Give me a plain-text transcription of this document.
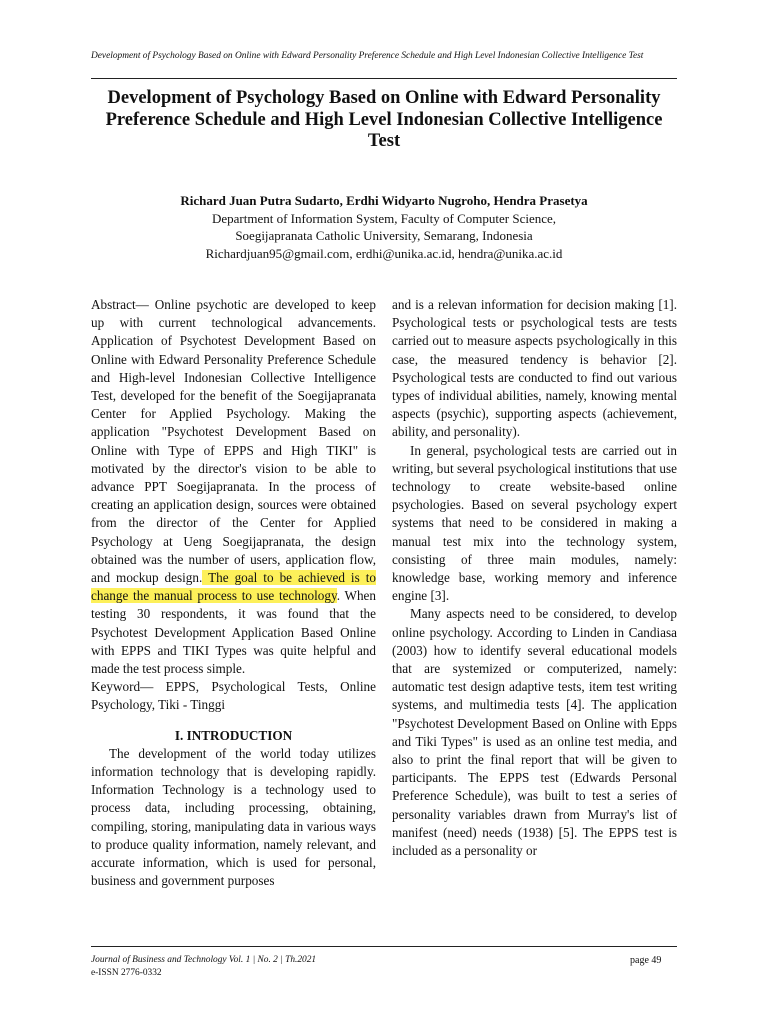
Development of Psychology Based on Online with Edward Personality Preference Schedule and High Level Indonesian Collective Intelligence Test
Development of Psychology Based on Online with Edward Personality Preference Schedule and High Level Indonesian Collective Intelligence Test
Richard Juan Putra Sudarto, Erdhi Widyarto Nugroho, Hendra Prasetya
Department of Information System, Faculty of Computer Science,
Soegijapranata Catholic University, Semarang, Indonesia
Richardjuan95@gmail.com, erdhi@unika.ac.id, hendra@unika.ac.id

Abstract— Online psychotic are developed to keep up with current technological advancements. Application of Psychotest Development Based on Online with Edward Personality Preference Schedule and High-level Indonesian Collective Intelligence Test, developed for the benefit of the Soegijapranata Center for Applied Psychology. Making the application "Psychotest Development Based on Online with Type of EPPS and High TIKI" is motivated by the director's vision to be able to advance PPT Soegijapranata. In the process of creating an application design, sources were obtained from the director of the Center for Applied Psychology at Ueng Soegijapranata, the design obtained was the number of users, application flow, and mockup design. The goal to be achieved is to change the manual process to use technology. When testing 30 respondents, it was found that the Psychotest Development Application Based Online with EPPS and TIKI Types was quite helpful and made the test process simple.

Keyword— EPPS, Psychological Tests, Online Psychology, Tiki - Tinggi

I. INTRODUCTION

The development of the world today utilizes information technology that is developing rapidly. Information Technology is a technology used to process data, including processing, obtaining, compiling, storing, manipulating data in various ways to produce quality information, namely relevant, and accurate information, which is used for personal, business and government purposes

and is a relevan information for decision making [1]. Psychological tests or psychological tests are tests carried out to measure aspects psychologically in this case, the measured tendency is behavior [2]. Psychological tests are conducted to find out various types of individual abilities, namely, knowing mental aspects (psychic), supporting aspects (achievement, ability, and personality).

In general, psychological tests are carried out in writing, but several psychological institutions that use technology to create website-based online psychologies. Based on several psychology expert systems that need to be considered in making a manual test mix into the technology system, consisting of three main modules, namely: knowledge base, working memory and inference engine [3].

Many aspects need to be considered, to develop online psychology. According to Linden in Candiasa (2003) how to identify several educational models that are systemized or computerized, namely: automatic test design adaptive tests, item test writing systems, and multimedia tests [4]. The application "Psychotest Development Based on Online with Epps and Tiki Types" is used as an online test media, and also to print the final report that will be given to participants. The EPPS test (Edwards Personal Preference Schedule), was built to test a series of personality variables drawn from Murray's list of manifest (need) needs (1938) [5]. The EPPS test is included as a personality or

Journal of Business and Technology Vol. 1 | No. 2 | Th.2021
e-ISSN 2776-0332
page 49
